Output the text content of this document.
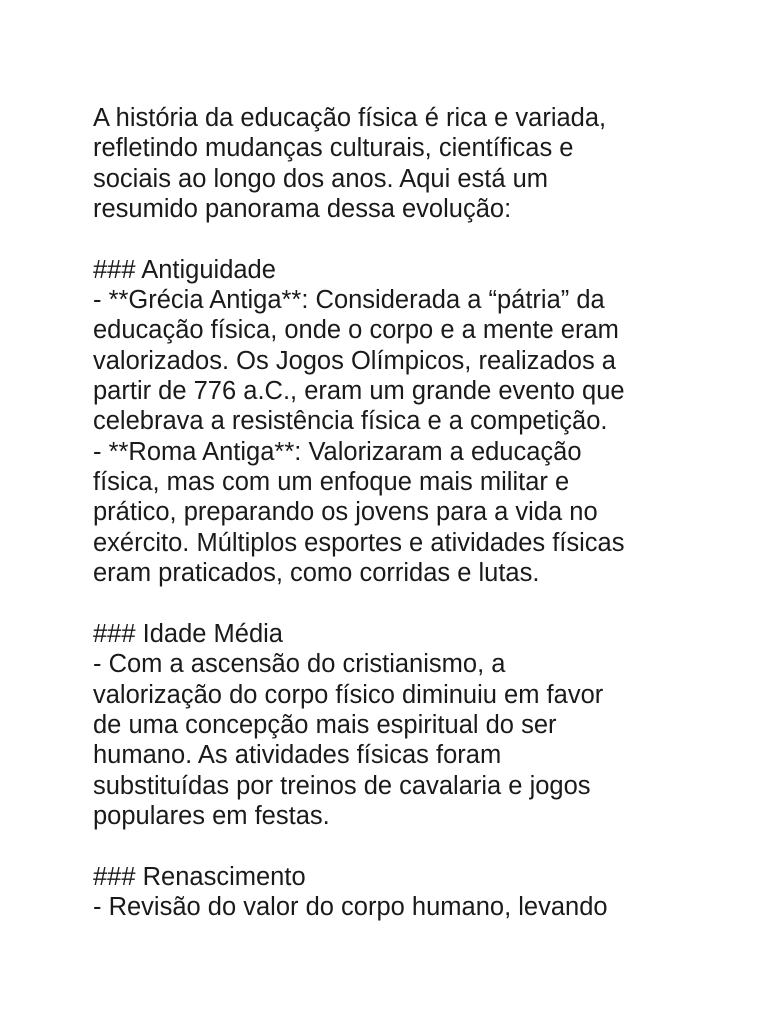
A história da educação física é rica e variada,
refletindo mudanças culturais, científicas e
sociais ao longo dos anos. Aqui está um
resumido panorama dessa evolução:
### Antiguidade
- **Grécia Antiga**: Considerada a “pátria” da
educação física, onde o corpo e a mente eram
valorizados. Os Jogos Olímpicos, realizados a
partir de 776 a.C., eram um grande evento que
celebrava a resistência física e a competição.
- **Roma Antiga**: Valorizaram a educação
física, mas com um enfoque mais militar e
prático, preparando os jovens para a vida no
exército. Múltiplos esportes e atividades físicas
eram praticados, como corridas e lutas.
### Idade Média
- Com a ascensão do cristianismo, a
valorização do corpo físico diminuiu em favor
de uma concepção mais espiritual do ser
humano. As atividades físicas foram
substituídas por treinos de cavalaria e jogos
populares em festas.
### Renascimento
- Revisão do valor do corpo humano, levando
